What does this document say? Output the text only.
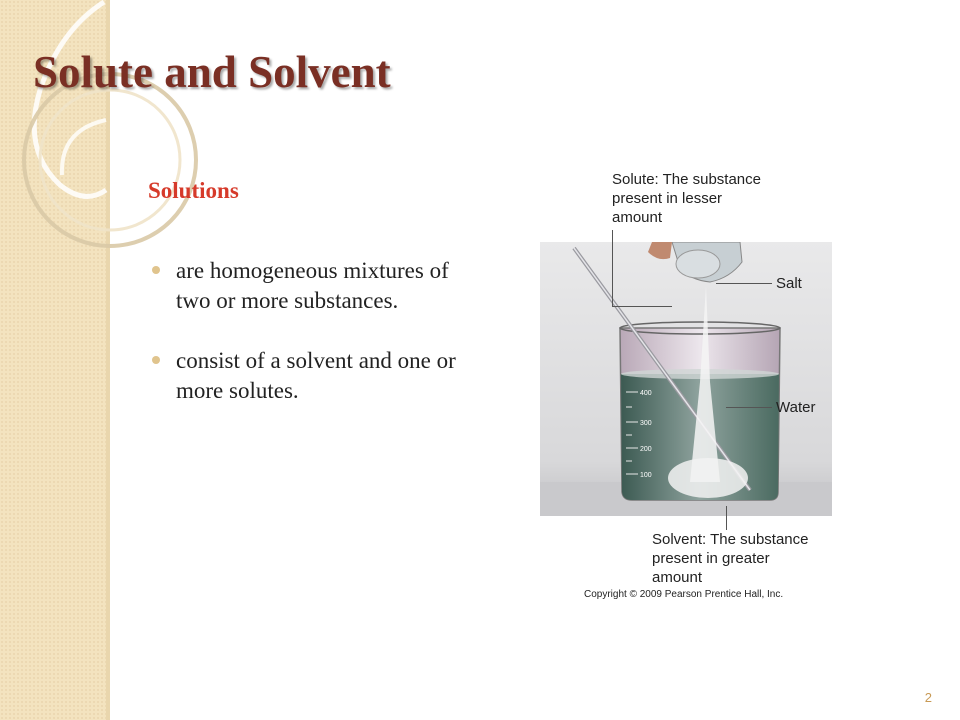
Solute and Solvent
Solutions
are homogeneous mixtures of two or more substances.
consist of a solvent and one or more solutes.
Solute: The substance
present in lesser
amount
400
300
200
100
Salt
Water
Solvent: The substance
present in greater
amount
Copyright © 2009 Pearson Prentice Hall, Inc.
2
